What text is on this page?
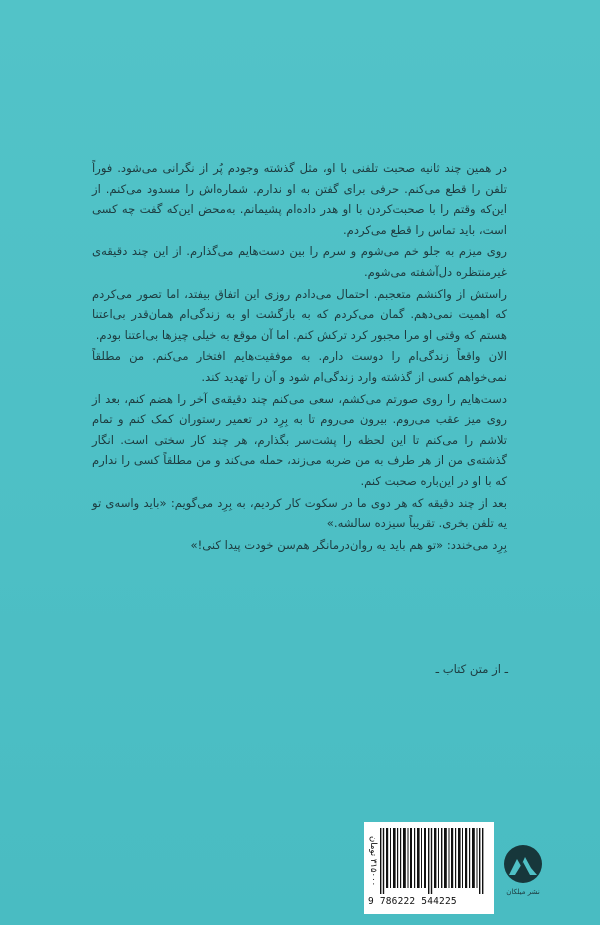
در همین چند ثانیه صحبت تلفنی با او، مثل گذشته وجودم پُر از نگرانی می‌شود. فوراً تلفن را قطع می‌کنم. حرفی برای گفتن به او ندارم. شماره‌اش را مسدود می‌کنم. از این‌که وقتم را با صحبت‌کردن با او هدر داده‌ام پشیمانم. به‌محض این‌که گفت چه کسی است، باید تماس را قطع می‌کردم.

روی میزم به جلو خم می‌شوم و سرم را بین دست‌هایم می‌گذارم. از این چند دقیقه‌ی غیرمنتظره دل‌آشفته می‌شوم.

راستش از واکنشم متعجبم. احتمال می‌دادم روزی این اتفاق بیفتد، اما تصور می‌کردم که اهمیت نمی‌دهم. گمان می‌کردم که به بازگشت او به زندگی‌ام همان‌قدر بی‌اعتنا هستم که وقتی او مرا مجبور کرد ترکش کنم. اما آن موقع به خیلی چیزها بی‌اعتنا بودم.

الان واقعاً زندگی‌ام را دوست دارم. به موفقیت‌هایم افتخار می‌کنم. من مطلقاً نمی‌خواهم کسی از گذشته وارد زندگی‌ام شود و آن را تهدید کند.

دست‌هایم را روی صورتم می‌کشم، سعی می‌کنم چند دقیقه‌ی آخر را هضم کنم، بعد از روی میز عقب می‌روم. بیرون می‌روم تا به بِرِد در تعمیر رستوران کمک کنم و تمام تلاشم را می‌کنم تا این لحظه را پشت‌سر بگذارم، هر چند کار سختی است. انگار گذشته‌ی من از هر طرف به من ضربه می‌زند، حمله می‌کند و من مطلقاً کسی را ندارم که با او در این‌باره صحبت کنم.

بعد از چند دقیقه که هر دوی ما در سکوت کار کردیم، به بِرِد می‌گویم: «باید واسه‌ی تو یه تلفن بخری. تقریباً سیزده سالشه.»

بِرِد می‌خندد: «تو هم باید یه روان‌درمانگر هم‌سن خودت پیدا کنی!»

ـ از متن کتاب ـ
۳۱۵۰۰۰ تومان
9 786222 544225
نشر میلکان
